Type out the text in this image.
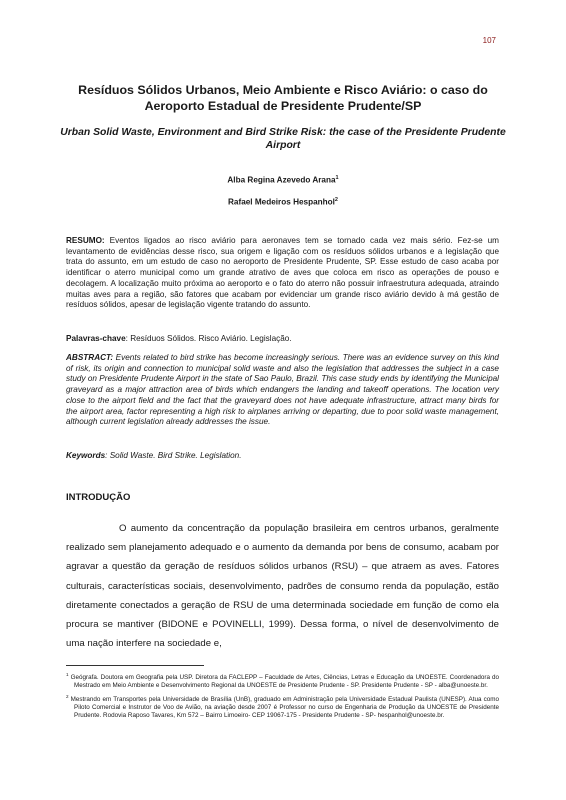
107
Resíduos Sólidos Urbanos, Meio Ambiente e Risco Aviário: o caso do Aeroporto Estadual de Presidente Prudente/SP
Urban Solid Waste, Environment and Bird Strike Risk: the case of the Presidente Prudente Airport
Alba Regina Azevedo Arana$^1$
Rafael Medeiros Hespanhol$^2$

RESUMO: Eventos ligados ao risco aviário para aeronaves tem se tornado cada vez mais sério. Fez-se um levantamento de evidências desse risco, sua origem e ligação com os resíduos sólidos urbanos e a legislação que trata do assunto, em um estudo de caso no aeroporto de Presidente Prudente, SP. Esse estudo de caso acaba por identificar o aterro municipal como um grande atrativo de aves que coloca em risco as operações de pouso e decolagem. A localização muito próxima ao aeroporto e o fato do aterro não possuir infraestrutura adequada, atraindo muitas aves para a região, são fatores que acabam por evidenciar um grande risco aviário devido à má gestão de resíduos sólidos, apesar de legislação vigente tratando do assunto.

Palavras-chave: Resíduos Sólidos. Risco Aviário. Legislação.

ABSTRACT: Events related to bird strike has become increasingly serious. There was an evidence survey on this kind of risk, its origin and connection to municipal solid waste and also the legislation that addresses the subject in a case study on Presidente Prudente Airport in the state of Sao Paulo, Brazil. This case study ends by identifying the Municipal graveyard as a major attraction area of birds which endangers the landing and takeoff operations. The location very close to the airport field and the fact that the graveyard does not have adequate infrastructure, attract many birds for the airport area, factor representing a high risk to airplanes arriving or departing, due to poor solid waste management, although current legislation already addresses the issue.

Keywords: Solid Waste. Bird Strike. Legislation.

INTRODUÇÃO

O aumento da concentração da população brasileira em centros urbanos, geralmente realizado sem planejamento adequado e o aumento da demanda por bens de consumo, acabam por agravar a questão da geração de resíduos sólidos urbanos (RSU) – que atraem as aves. Fatores culturais, características sociais, desenvolvimento, padrões de consumo renda da população, estão diretamente conectados a geração de RSU de uma determinada sociedade em função de como ela procura se mantiver (BIDONE e POVINELLI, 1999). Dessa forma, o nível de desenvolvimento de uma nação interfere na sociedade e,

$^1$ Geógrafa. Doutora em Geografia pela USP. Diretora da FACLEPP – Faculdade de Artes, Ciências, Letras e Educação da UNOESTE. Coordenadora do Mestrado em Meio Ambiente e Desenvolvimento Regional da UNOESTE de Presidente Prudente - SP. Presidente Prudente - SP - alba@unoeste.br.

$^2$ Mestrando em Transportes pela Universidade de Brasília (UnB), graduado em Administração pela Universidade Estadual Paulista (UNESP). Atua como Piloto Comercial e Instrutor de Voo de Avião, na aviação desde 2007 é Professor no curso de Engenharia de Produção da UNOESTE de Presidente Prudente. Rodovia Raposo Tavares, Km 572 – Bairro Limoeiro- CEP 19067-175 - Presidente Prudente - SP- hespanhol@unoeste.br.
